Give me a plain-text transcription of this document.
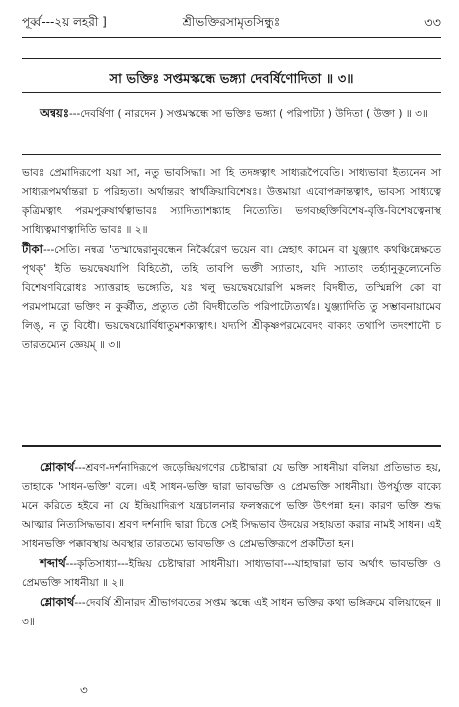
পূর্ব্ব---২য় লহরী ]	শ্রীভক্তিরসামৃতসিন্ধুঃ	৩৩
সা ভক্তিঃ সপ্তমস্কন্ধে ভঙ্গ্যা দেবর্ষিণোদিতা ॥ ৩॥

অন্বয়ঃ---দেবর্ষিণা ( নারদেন ) সপ্তমস্কন্ধে সা ভক্তিঃ ভঙ্গ্যা ( পরিপাট্যা ) উদিতা ( উক্তা ) ॥ ৩॥

ভাবঃ প্রেমাদিরূপো যয়া সা, নতু ভাবসিদ্ধা। সা হি তদঙ্গত্বাৎ সাধ্যরূপৈবেতি। সাধ্যভাবা ইত্যনেন সা সাধ্যরূপমর্থান্তরা চ পরিহৃতা। অর্থান্তরং স্বার্থক্রিয়াবিশেষঃ। উত্তমায়া এবোপক্রান্তত্বাৎ, ভাবস্য সাধ্যত্বে কৃত্রিমত্বাৎ পরমপুরুষার্থত্বাভাবঃ স্যাদিত্যাশঙ্ক্যাহ নিত্যেতি। ভগবচ্ছক্তিবিশেষ-বৃত্তি-বিশেষত্বেনাস্থ সাধ্যিত্বমাণত্বাদিতি ভাবঃ ॥ ২॥

টীকা---সেতি। নন্বত্র 'তস্মাদ্বেরানুবন্ধেন নির্ব্বৈরেণ ভয়েন বা। স্নেহাৎ কামেন বা যুঞ্জ্যাৎ কথঞ্চিন্নেক্ষতে পৃথক্' ইতি ভয়দ্বেষযাপি বিহিতৌ, তহি তাবপি ভক্তী স্যাতাং, যদি স্যাতাং তর্হ্যানুকূল্যেনেতি বিশেষণবিরোধঃ স্যাত্তরাহ ভঙ্গ্যেতি, যঃ খলু ভয়দ্বেষয়োরপি মঙ্গলং বিদধীত, তস্মিন্নপি কো বা পরমপামরো ভক্তিং ন কুর্ব্বীত, প্রত্যুত তৌ বিদধীতেতি পরিপাট্যেত্যর্থঃ। যুঞ্জ্যাদিতি তু সম্ভাবনায়ামেব লিঙ্, ন তু বিধৌ। ভয়দ্বেষয়োর্বিধাতুমশক্যত্বাৎ। যদ্যপি শ্রীকৃষ্ণপরমেবেদং বাক্যং তথাপি তদংশাদৌ চ তারতম্যেন জ্ঞেয়ম্ ॥ ৩॥

শ্লোকার্থ---শ্রবণ-দর্শনাদিরূপে জড়েন্দ্রিয়গণের চেষ্টাদ্বারা যে ভক্তি সাধনীয়া বলিয়া প্রতিভাত হয়, তাহাকে 'সাধন-ভক্তি' বলে। এই সাধন-ভক্তি দ্বারা ভাবভক্তি ও প্রেমভক্তি সাধনীয়া। উপর্য্যুক্ত বাক্যে মনে করিতে হইবে না যে ইন্দ্রিয়াদিরূপ যন্ত্রচালনার ফলস্বরূপে ভক্তি উৎপন্না হন। কারণ ভক্তি শুদ্ধ আত্মার নিত্যসিদ্ধভাব। শ্রবণ দর্শনাদি দ্বারা চিত্তে সেই সিদ্ধভাব উদয়ের সহায়তা করার নামই সাধন। এই সাধনভক্তি পক্কাবস্থায় অবস্থার তারতম্যে ভাবভক্তি ও প্রেমভক্তিরূপে প্রকটিতা হন।

শব্দার্থ---কৃতিসাধ্যা---ইন্দ্রিয় চেষ্টাদ্বারা সাধনীয়া। সাধ্যভাবা---যাহাদ্বারা ভাব অর্থাৎ ভাবভক্তি ও প্রেমভক্তি সাধনীয়া ॥ ২॥

শ্লোকার্থ---দেবর্ষি শ্রীনারদ শ্রীভাগবতের সপ্তম স্কন্ধে এই সাধন ভক্তির কথা ভঙ্গিক্রমে বলিয়াছেন ॥ ৩॥

৩
